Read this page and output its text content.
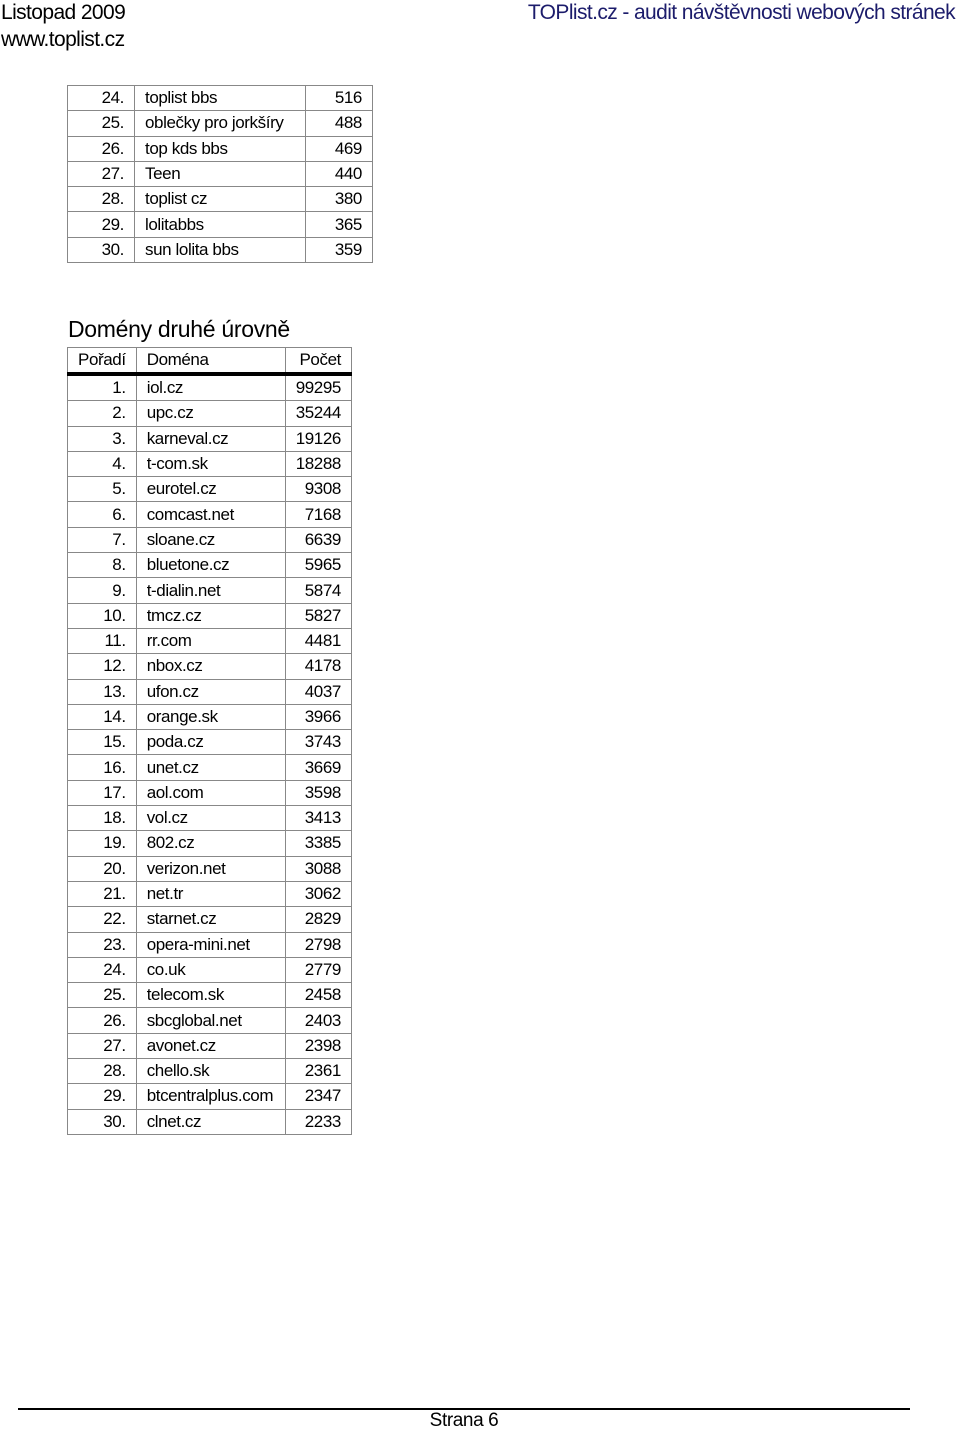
Listopad 2009
www.toplist.cz
TOPlist.cz - audit návštěvnosti webových stránek
24.	toplist bbs	516
25.	oblečky pro jorkšíry	488
26.	top kds bbs	469
27.	Teen	440
28.	toplist cz	380
29.	lolitabbs	365
30.	sun lolita bbs	359
Domény druhé úrovně
Pořadí	Doména	Počet
1.	iol.cz	99295
2.	upc.cz	35244
3.	karneval.cz	19126
4.	t-com.sk	18288
5.	eurotel.cz	9308
6.	comcast.net	7168
7.	sloane.cz	6639
8.	bluetone.cz	5965
9.	t-dialin.net	5874
10.	tmcz.cz	5827
11.	rr.com	4481
12.	nbox.cz	4178
13.	ufon.cz	4037
14.	orange.sk	3966
15.	poda.cz	3743
16.	unet.cz	3669
17.	aol.com	3598
18.	vol.cz	3413
19.	802.cz	3385
20.	verizon.net	3088
21.	net.tr	3062
22.	starnet.cz	2829
23.	opera-mini.net	2798
24.	co.uk	2779
25.	telecom.sk	2458
26.	sbcglobal.net	2403
27.	avonet.cz	2398
28.	chello.sk	2361
29.	btcentralplus.com	2347
30.	clnet.cz	2233
Strana 6
